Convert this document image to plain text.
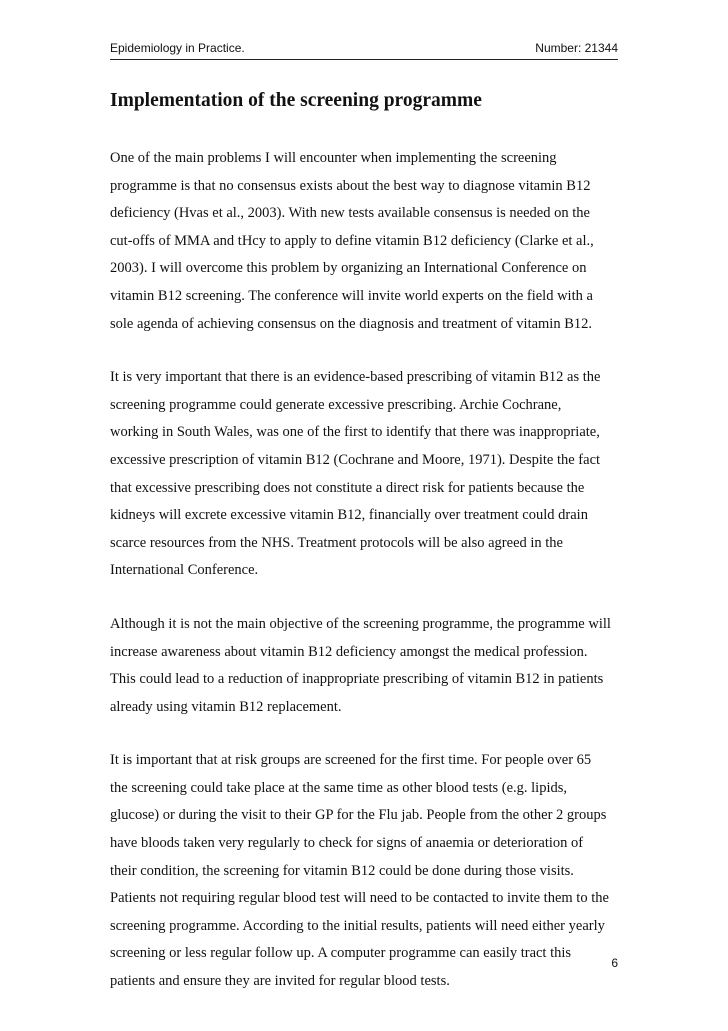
Epidemiology in Practice.	Number: 21344
Implementation of the screening programme

One of the main problems I will encounter when implementing the screening
programme is that no consensus exists about the best way to diagnose vitamin B12
deficiency (Hvas et al., 2003). With new tests available consensus is needed on the
cut-offs of MMA and tHcy to apply to define vitamin B12 deficiency (Clarke et al.,
2003). I will overcome this problem by organizing an International Conference on
vitamin B12 screening. The conference will invite world experts on the field with a
sole agenda of achieving consensus on the diagnosis and treatment of vitamin B12.

It is very important that there is an evidence-based prescribing of vitamin B12 as the
screening programme could generate excessive prescribing. Archie Cochrane,
working in South Wales, was one of the first to identify that there was inappropriate,
excessive prescription of vitamin B12 (Cochrane and Moore, 1971). Despite the fact
that excessive prescribing does not constitute a direct risk for patients because the
kidneys will excrete excessive vitamin B12, financially over treatment could drain
scarce resources from the NHS. Treatment protocols will be also agreed in the
International Conference.

Although it is not the main objective of the screening programme, the programme will
increase awareness about vitamin B12 deficiency amongst the medical profession.
This could lead to a reduction of inappropriate prescribing of vitamin B12 in patients
already using vitamin B12 replacement.

It is important that at risk groups are screened for the first time. For people over 65
the screening could take place at the same time as other blood tests (e.g. lipids,
glucose) or during the visit to their GP for the Flu jab. People from the other 2 groups
have bloods taken very regularly to check for signs of anaemia or deterioration of
their condition, the screening for vitamin B12 could be done during those visits.
Patients not requiring regular blood test will need to be contacted to invite them to the
screening programme. According to the initial results, patients will need either yearly
screening or less regular follow up. A computer programme can easily tract this
patients and ensure they are invited for regular blood tests.

6
